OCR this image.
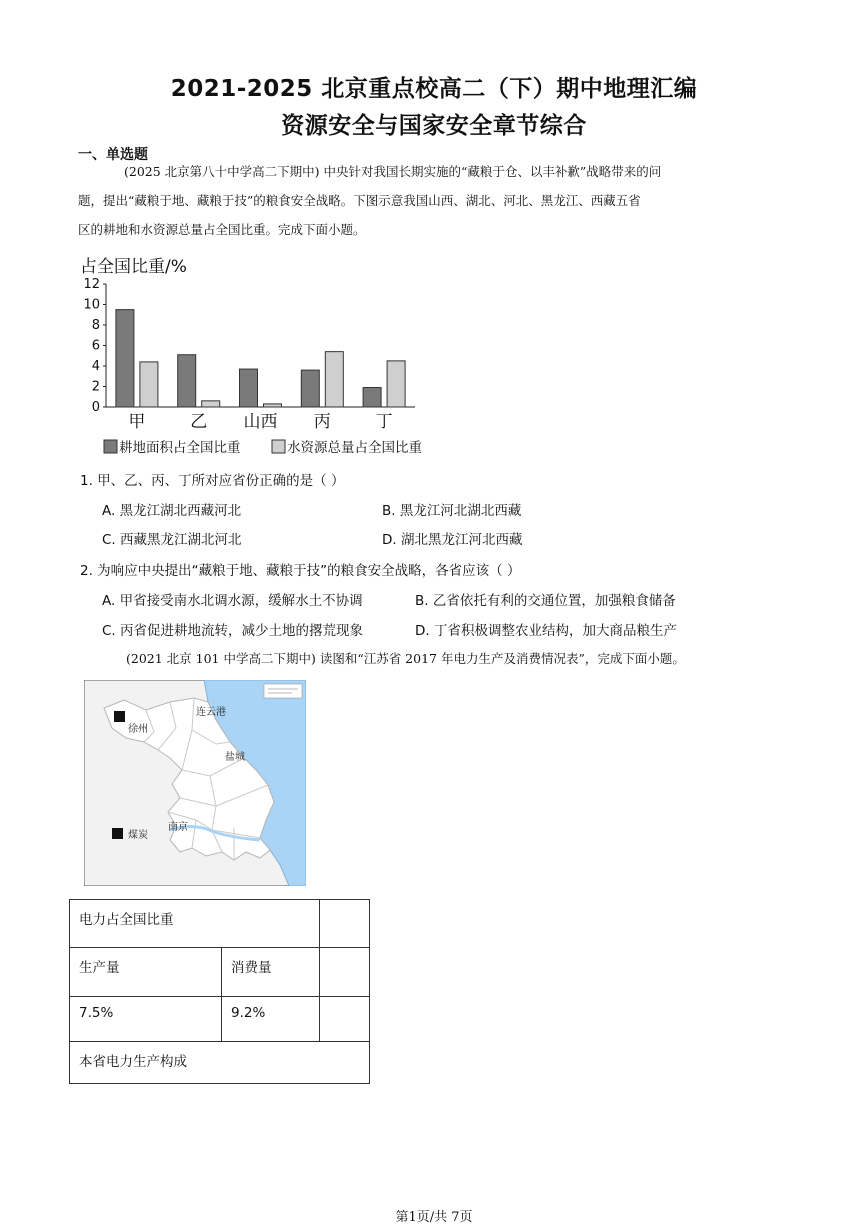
2021-2025 北京重点校高二（下）期中地理汇编
资源安全与国家安全章节综合
一、单选题

(2025 北京第八十中学高二下期中) 中央针对我国长期实施的“藏粮于仓、以丰补歉”战略带来的问

题，提出“藏粮于地、藏粮于技”的粮食安全战略。下图示意我国山西、湖北、河北、黑龙江、西藏五省

区的耕地和水资源总量占全国比重。完成下面小题。

占全国比重/%
0
2
4
6
8
10
12
甲	乙 山西 丙	丁
耕地面积占全国比重	水资源总量占全国比重
1. 甲、乙、丙、丁所对应省份正确的是（ ）
A. 黑龙江湖北西藏河北	B. 黑龙江河北湖北西藏
C. 西藏黑龙江湖北河北	D. 湖北黑龙江河北西藏
2. 为响应中央提出“藏粮于地、藏粮于技”的粮食安全战略，各省应该（ ）
A. 甲省接受南水北调水源，缓解水土不协调	B. 乙省依托有利的交通位置，加强粮食储备
C. 丙省促进耕地流转，减少土地的撂荒现象	D. 丁省积极调整农业结构，加大商品粮生产
(2021 北京 101 中学高二下期中) 读图和“江苏省 2017 年电力生产及消费情况表”，完成下面小题。
连云港
徐州
盐城
南京
煤炭
电力占全国比重		
生产量	消费量	
7.5%	9.2%	
本省电力生产构成		
第1页/共 7页
